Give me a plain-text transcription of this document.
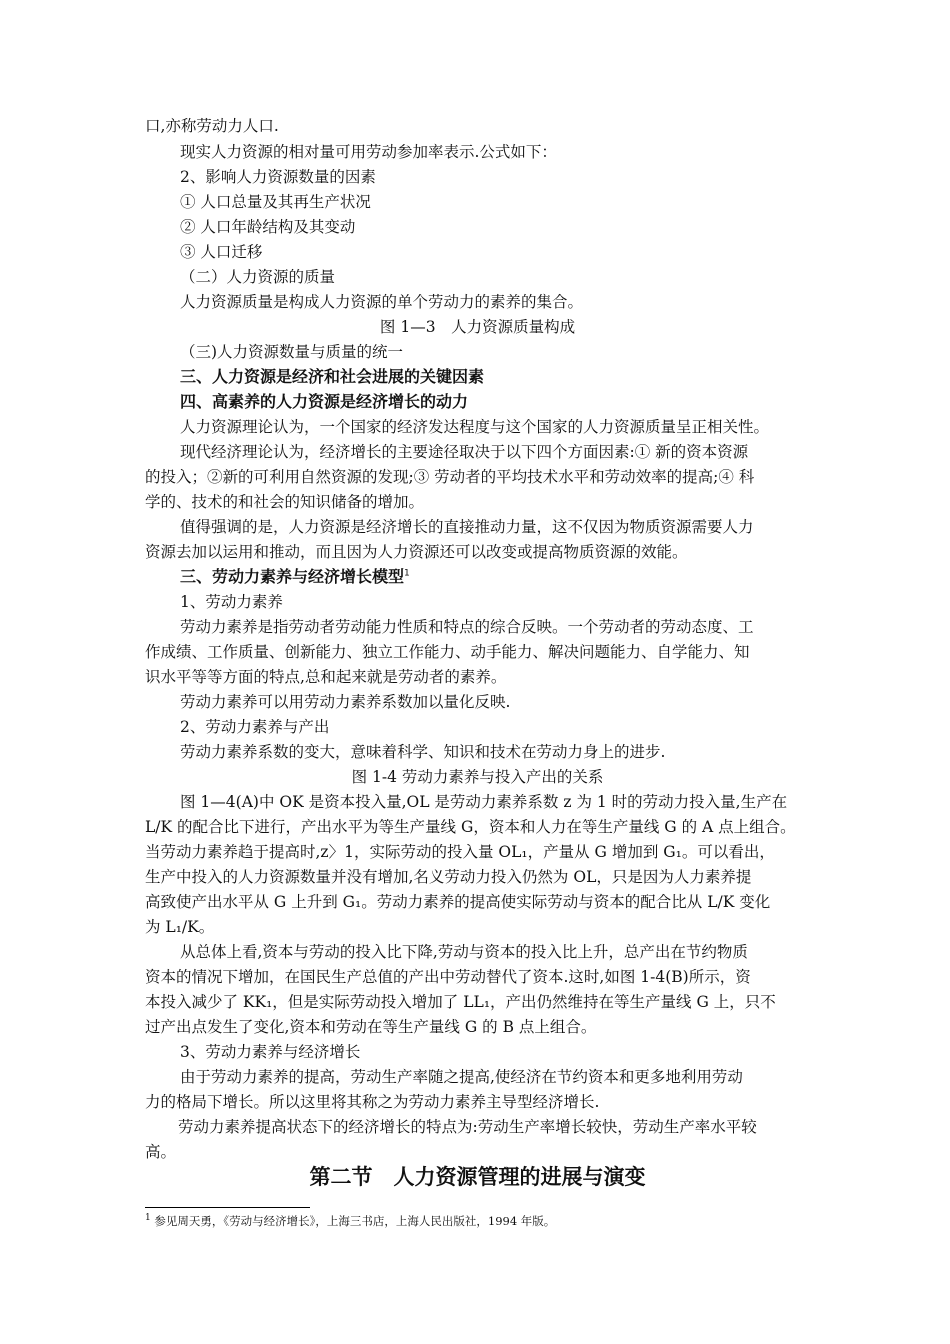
口,亦称劳动力人口.
现实人力资源的相对量可用劳动参加率表示.公式如下：
2、影响人力资源数量的因素
① 人口总量及其再生产状况
② 人口年龄结构及其变动
③ 人口迁移
（二）人力资源的质量
人力资源质量是构成人力资源的单个劳动力的素养的集合。
图 1—3　人力资源质量构成
（三)人力资源数量与质量的统一
三、人力资源是经济和社会进展的关键因素
四、高素养的人力资源是经济增长的动力
人力资源理论认为，一个国家的经济发达程度与这个国家的人力资源质量呈正相关性。
现代经济理论认为，经济增长的主要途径取决于以下四个方面因素:① 新的资本资源
的投入；②新的可利用自然资源的发现;③ 劳动者的平均技术水平和劳动效率的提高;④ 科
学的、技术的和社会的知识储备的增加。
值得强调的是，人力资源是经济增长的直接推动力量，这不仅因为物质资源需要人力
资源去加以运用和推动，而且因为人力资源还可以改变或提高物质资源的效能。
三、劳动力素养与经济增长模型$^1$
1、劳动力素养
劳动力素养是指劳动者劳动能力性质和特点的综合反映。一个劳动者的劳动态度、工
作成绩、工作质量、创新能力、独立工作能力、动手能力、解决问题能力、自学能力、知
识水平等等方面的特点,总和起来就是劳动者的素养。
劳动力素养可以用劳动力素养系数加以量化反映.
2、劳动力素养与产出
劳动力素养系数的变大，意味着科学、知识和技术在劳动力身上的进步.
图 1-4 劳动力素养与投入产出的关系
图 1—4(A)中 OK 是资本投入量,OL 是劳动力素养系数 z 为 1 时的劳动力投入量,生产在
L/K 的配合比下进行，产出水平为等生产量线 G，资本和人力在等生产量线 G 的 A 点上组合。
当劳动力素养趋于提高时,z〉1，实际劳动的投入量 OL₁，产量从 G 增加到 G₁。可以看出，
生产中投入的人力资源数量并没有增加,名义劳动力投入仍然为 OL，只是因为人力素养提
高致使产出水平从 G 上升到 G₁。劳动力素养的提高使实际劳动与资本的配合比从 L/K 变化
为 L₁/K。
从总体上看,资本与劳动的投入比下降,劳动与资本的投入比上升，总产出在节约物质
资本的情况下增加，在国民生产总值的产出中劳动替代了资本.这时,如图 1-4(B)所示，资
本投入减少了 KK₁，但是实际劳动投入增加了 LL₁，产出仍然维持在等生产量线 G 上，只不
过产出点发生了变化,资本和劳动在等生产量线 G 的 B 点上组合。
3、劳动力素养与经济增长
由于劳动力素养的提高，劳动生产率随之提高,使经济在节约资本和更多地利用劳动
力的格局下增长。所以这里将其称之为劳动力素养主导型经济增长.
劳动力素养提高状态下的经济增长的特点为:劳动生产率增长较快，劳动生产率水平较
高。
第二节　人力资源管理的进展与演变
$^1$ 参见周天勇，《劳动与经济增长》，上海三书店，上海人民出版社，1994 年版。
